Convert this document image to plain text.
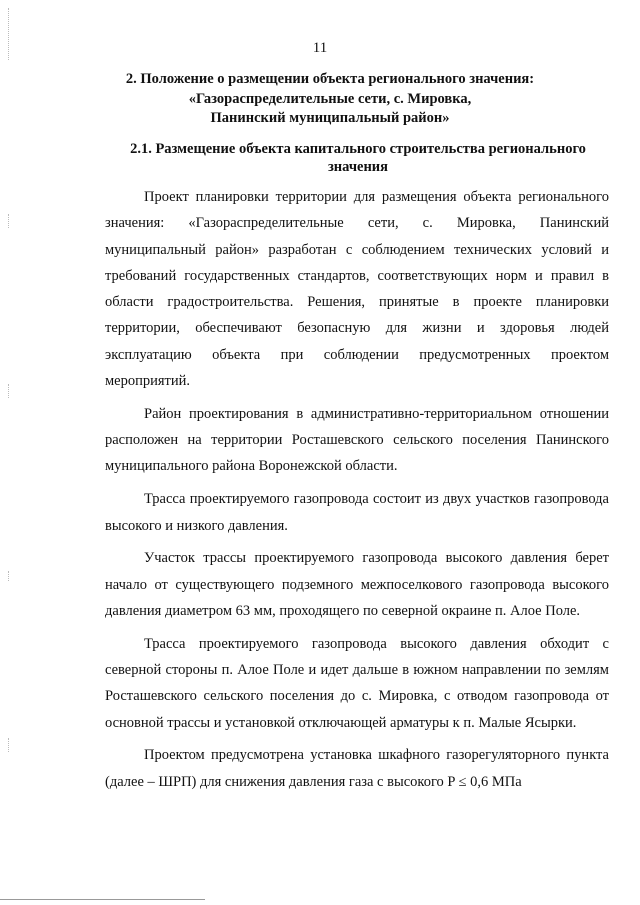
11
2. Положение о размещении объекта регионального значения:
«Газораспределительные сети, с. Мировка,
Панинский муниципальный район»
2.1. Размещение объекта капитального строительства регионального
значения

Проект планировки территории для размещения объекта регионального значения: «Газораспределительные сети, с. Мировка, Панинский муниципальный район» разработан с соблюдением технических условий и требований государственных стандартов, соответствующих норм и правил в области градостроительства. Решения, принятые в проекте планировки территории, обеспечивают безопасную для жизни и здоровья людей эксплуатацию объекта при соблюдении предусмотренных проектом мероприятий.

Район проектирования в административно-территориальном отношении расположен на территории Росташевского сельского поселения Панинского муниципального района Воронежской области.

Трасса проектируемого газопровода состоит из двух участков газопровода высокого и низкого давления.

Участок трассы проектируемого газопровода высокого давления берет начало от существующего подземного межпоселкового газопровода высокого давления диаметром 63 мм, проходящего по северной окраине п. Алое Поле.

Трасса проектируемого газопровода высокого давления обходит с северной стороны п. Алое Поле и идет дальше в южном направлении по землям Росташевского сельского поселения до с. Мировка, с отводом газопровода от основной трассы и установкой отключающей арматуры к п. Малые Ясырки.

Проектом предусмотрена установка шкафного газорегуляторного пункта (далее – ШРП) для снижения давления газа с высокого P ≤ 0,6 МПа
